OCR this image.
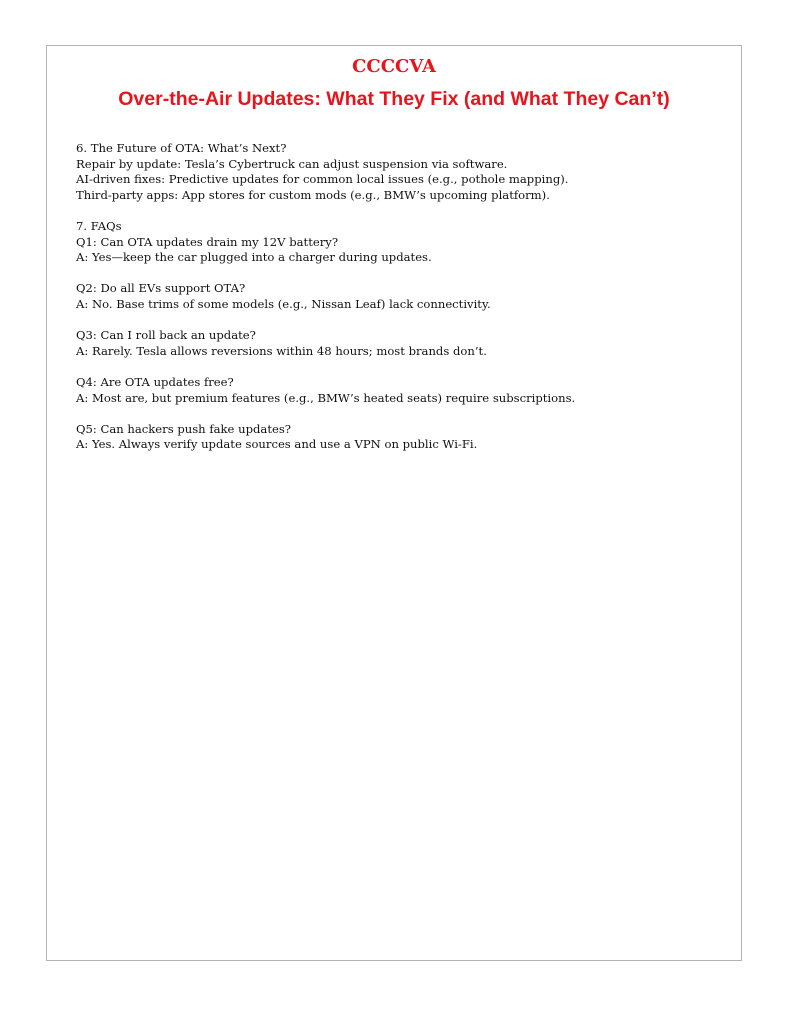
CCCCVA
Over-the-Air Updates: What They Fix (and What They Can’t)
6. The Future of OTA: What’s Next?
Repair by update: Tesla’s Cybertruck can adjust suspension via software.
AI-driven fixes: Predictive updates for common local issues (e.g., pothole mapping).
Third-party apps: App stores for custom mods (e.g., BMW’s upcoming platform).
7. FAQs
Q1: Can OTA updates drain my 12V battery?
A: Yes—keep the car plugged into a charger during updates.
Q2: Do all EVs support OTA?
A: No. Base trims of some models (e.g., Nissan Leaf) lack connectivity.
Q3: Can I roll back an update?
A: Rarely. Tesla allows reversions within 48 hours; most brands don’t.
Q4: Are OTA updates free?
A: Most are, but premium features (e.g., BMW’s heated seats) require subscriptions.
Q5: Can hackers push fake updates?
A: Yes. Always verify update sources and use a VPN on public Wi-Fi.
